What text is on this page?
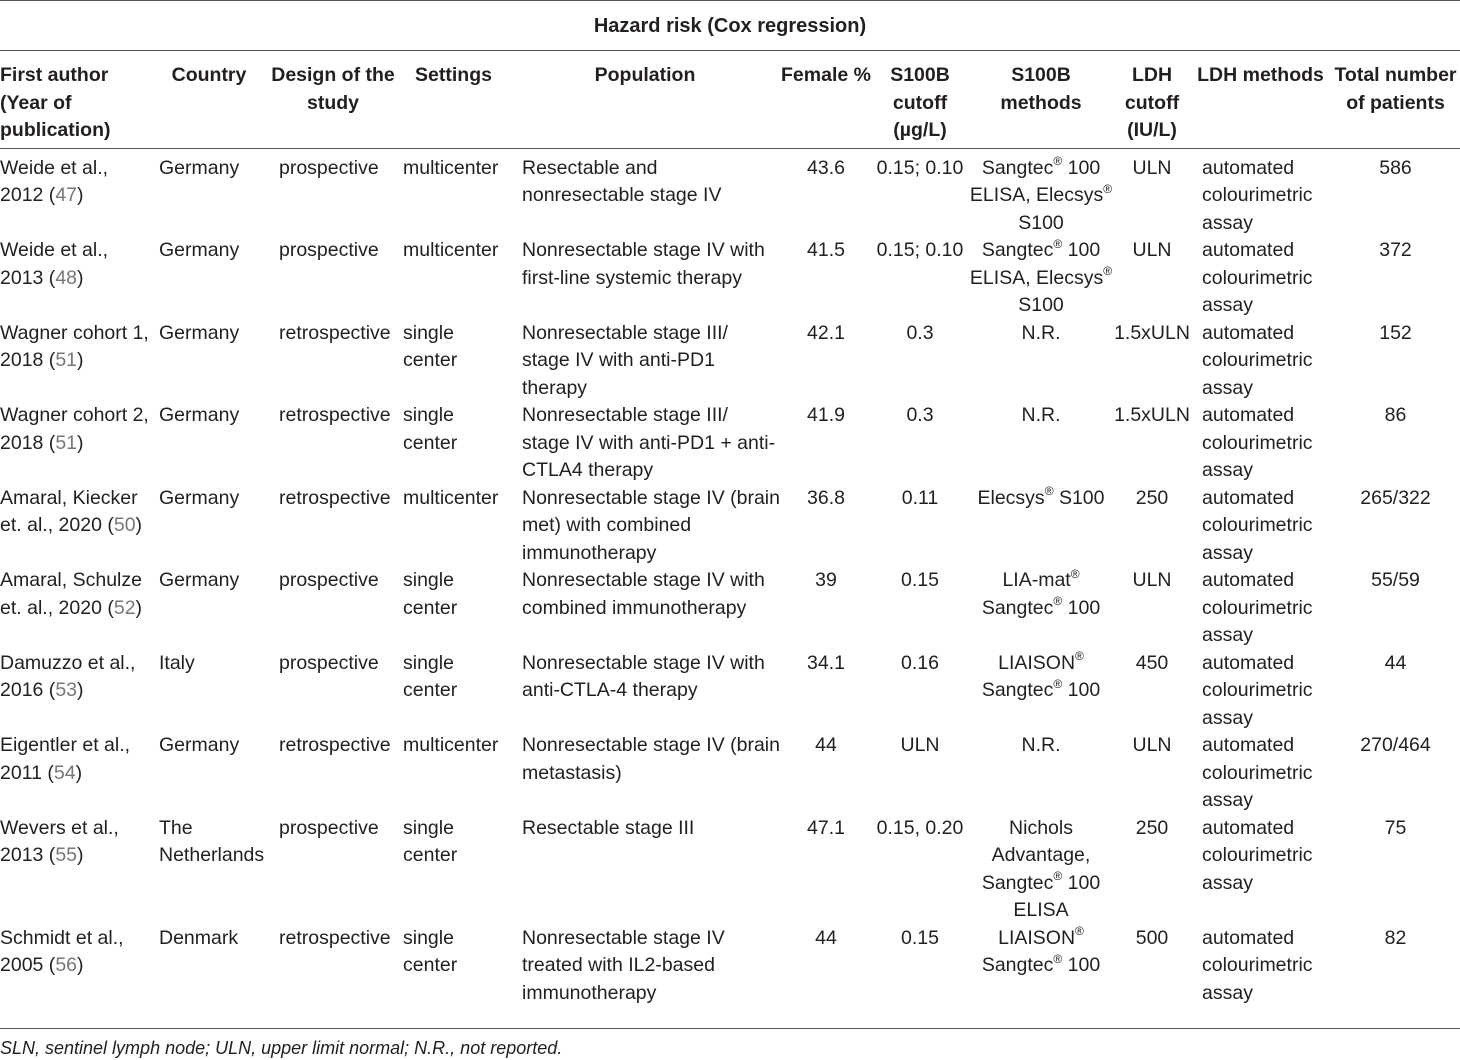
Hazard risk (Cox regression)
First author (Year of publication)	Country	Design of the study	Settings	Population	Female %	S100B cutoff (µg/L)	S100B methods	LDH cutoff (IU/L)	LDH methods	Total number of patients
Weide et al., 2012 (47)	Germany	prospective	multicenter	Resectable and nonresectable stage IV	43.6	0.15; 0.10	Sangtec® 100 ELISA, Elecsys® S100	ULN	automated colourimetric assay	586
Weide et al., 2013 (48)	Germany	prospective	multicenter	Nonresectable stage IV with first-line systemic therapy	41.5	0.15; 0.10	Sangtec® 100 ELISA, Elecsys® S100	ULN	automated colourimetric assay	372
Wagner cohort 1, 2018 (51)	Germany	retrospective	single center	Nonresectable stage III/ stage IV with anti-PD1 therapy	42.1	0.3	N.R.	1.5xULN	automated colourimetric assay	152
Wagner cohort 2, 2018 (51)	Germany	retrospective	single center	Nonresectable stage III/ stage IV with anti-PD1 + anti-CTLA4 therapy	41.9	0.3	N.R.	1.5xULN	automated colourimetric assay	86
Amaral, Kiecker et. al., 2020 (50)	Germany	retrospective	multicenter	Nonresectable stage IV (brain met) with combined immunotherapy	36.8	0.11	Elecsys® S100	250	automated colourimetric assay	265/322
Amaral, Schulze et. al., 2020 (52)	Germany	prospective	single center	Nonresectable stage IV with combined immunotherapy	39	0.15	LIA-mat® Sangtec® 100	ULN	automated colourimetric assay	55/59
Damuzzo et al., 2016 (53)	Italy	prospective	single center	Nonresectable stage IV with anti-CTLA-4 therapy	34.1	0.16	LIAISON® Sangtec® 100	450	automated colourimetric assay	44
Eigentler et al., 2011 (54)	Germany	retrospective	multicenter	Nonresectable stage IV (brain metastasis)	44	ULN	N.R.	ULN	automated colourimetric assay	270/464
Wevers et al., 2013 (55)	The Netherlands	prospective	single center	Resectable stage III	47.1	0.15, 0.20	Nichols Advantage, Sangtec® 100 ELISA	250	automated colourimetric assay	75
Schmidt et al., 2005 (56)	Denmark	retrospective	single center	Nonresectable stage IV treated with IL2-based immunotherapy	44	0.15	LIAISON® Sangtec® 100	500	automated colourimetric assay	82
SLN, sentinel lymph node; ULN, upper limit normal; N.R., not reported.
